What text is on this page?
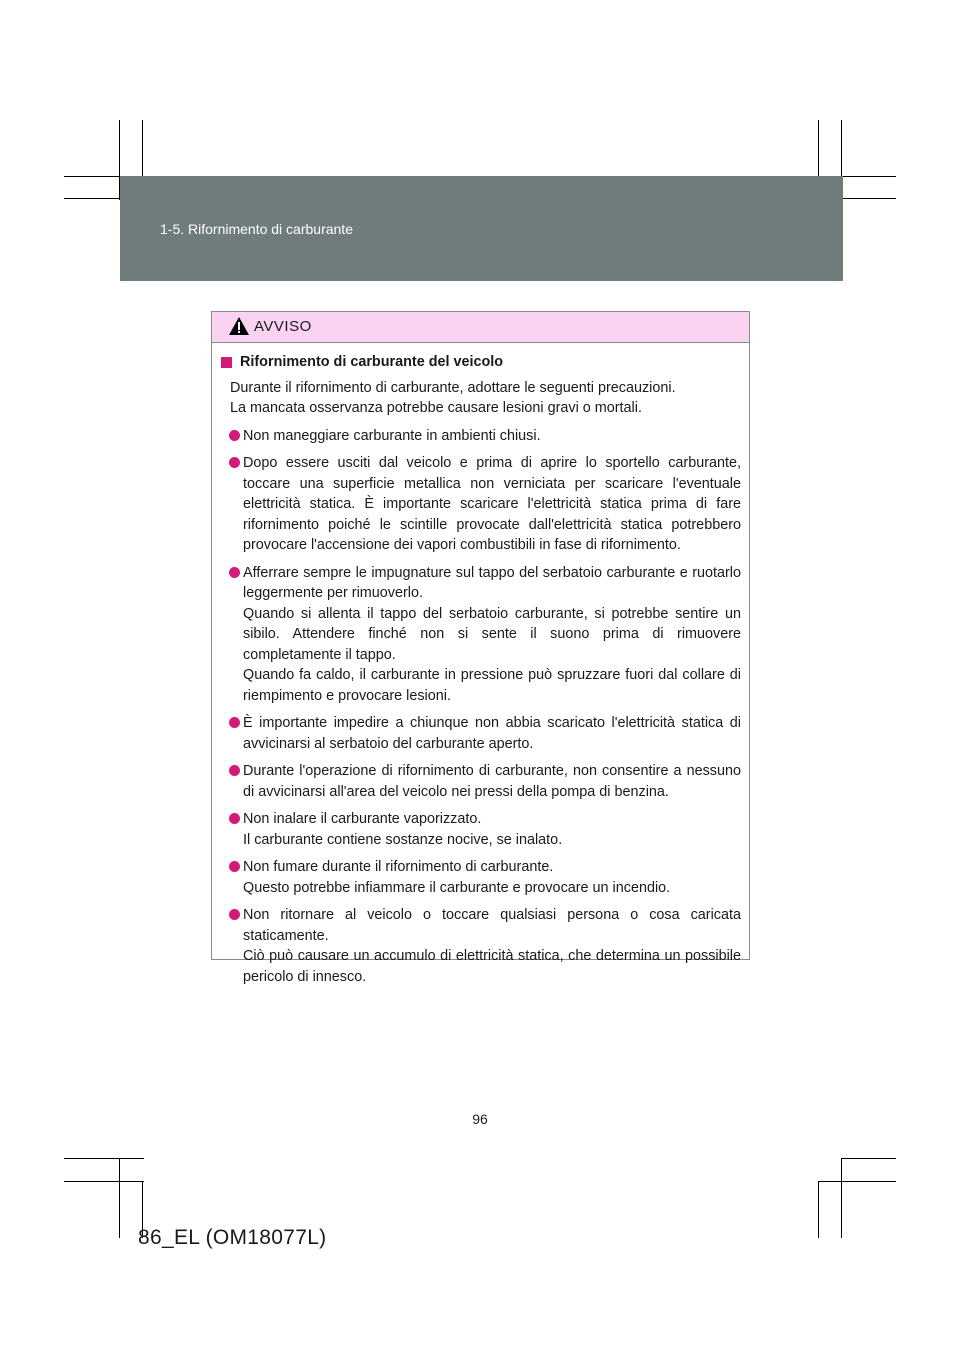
1-5. Rifornimento di carburante
AVVISO
Rifornimento di carburante del veicolo
Durante il rifornimento di carburante, adottare le seguenti precauzioni.
La mancata osservanza potrebbe causare lesioni gravi o mortali.
Non maneggiare carburante in ambienti chiusi.
Dopo essere usciti dal veicolo e prima di aprire lo sportello carburante, toccare una superficie metallica non verniciata per scaricare l'eventuale elettricità statica. È importante scaricare l'elettricità statica prima di fare rifornimento poiché le scintille provocate dall'elettricità statica potrebbero provocare l'accensione dei vapori combustibili in fase di rifornimento.
Afferrare sempre le impugnature sul tappo del serbatoio carburante e ruotarlo leggermente per rimuoverlo.
Quando si allenta il tappo del serbatoio carburante, si potrebbe sentire un sibilo. Attendere finché non si sente il suono prima di rimuovere completamente il tappo.
Quando fa caldo, il carburante in pressione può spruzzare fuori dal collare di riempimento e provocare lesioni.
È importante impedire a chiunque non abbia scaricato l'elettricità statica di avvicinarsi al serbatoio del carburante aperto.
Durante l'operazione di rifornimento di carburante, non consentire a nessuno di avvicinarsi all'area del veicolo nei pressi della pompa di benzina.
Non inalare il carburante vaporizzato.
Il carburante contiene sostanze nocive, se inalato.
Non fumare durante il rifornimento di carburante.
Questo potrebbe infiammare il carburante e provocare un incendio.
Non ritornare al veicolo o toccare qualsiasi persona o cosa caricata staticamente.
Ciò può causare un accumulo di elettricità statica, che determina un possibile pericolo di innesco.
96
86_EL (OM18077L)
